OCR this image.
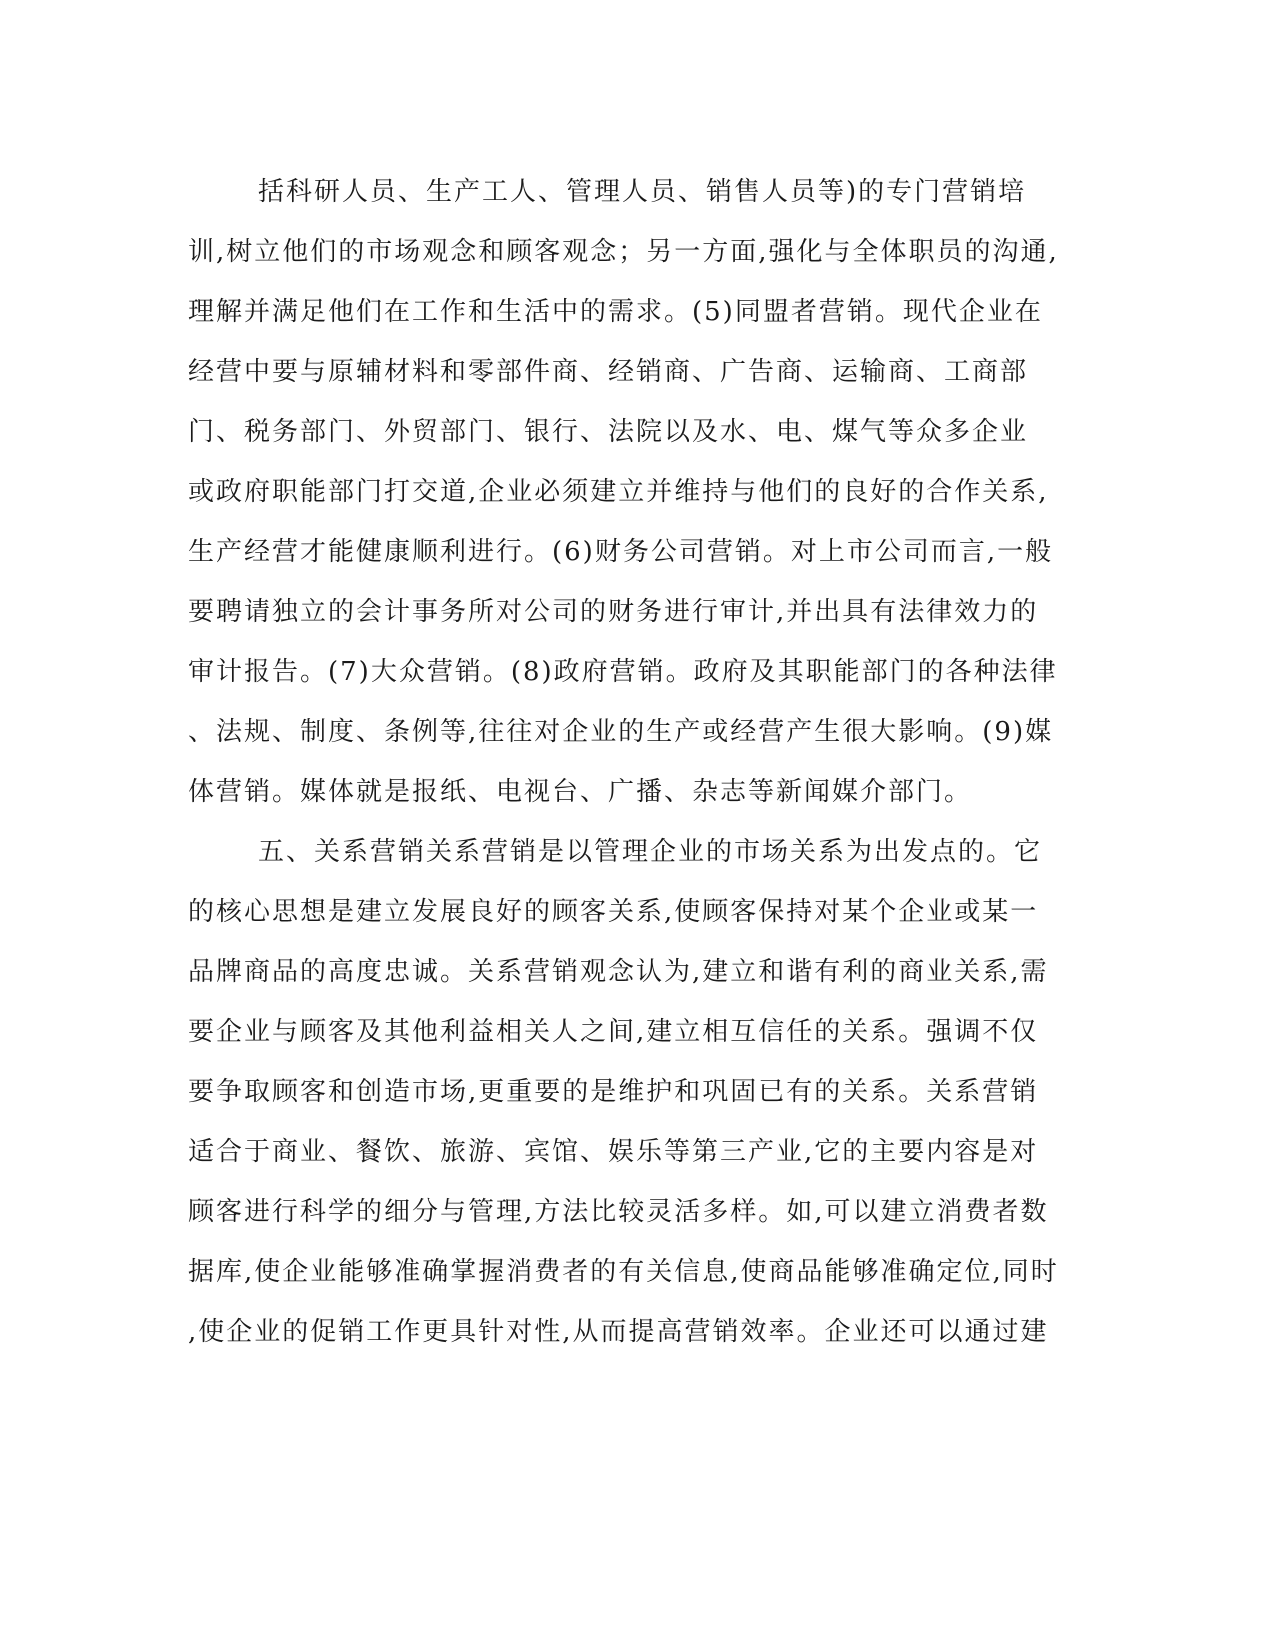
括科研人员、生产工人、管理人员、销售人员等)的专门营销培
训,树立他们的市场观念和顾客观念；另一方面,强化与全体职员的沟通,
理解并满足他们在工作和生活中的需求。(5)同盟者营销。现代企业在
经营中要与原辅材料和零部件商、经销商、广告商、运输商、工商部
门、税务部门、外贸部门、银行、法院以及水、电、煤气等众多企业
或政府职能部门打交道,企业必须建立并维持与他们的良好的合作关系,
生产经营才能健康顺利进行。(6)财务公司营销。对上市公司而言,一般
要聘请独立的会计事务所对公司的财务进行审计,并出具有法律效力的
审计报告。(7)大众营销。(8)政府营销。政府及其职能部门的各种法律
、法规、制度、条例等,往往对企业的生产或经营产生很大影响。(9)媒
体营销。媒体就是报纸、电视台、广播、杂志等新闻媒介部门。
五、关系营销关系营销是以管理企业的市场关系为出发点的。它
的核心思想是建立发展良好的顾客关系,使顾客保持对某个企业或某一
品牌商品的高度忠诚。关系营销观念认为,建立和谐有利的商业关系,需
要企业与顾客及其他利益相关人之间,建立相互信任的关系。强调不仅
要争取顾客和创造市场,更重要的是维护和巩固已有的关系。关系营销
适合于商业、餐饮、旅游、宾馆、娱乐等第三产业,它的主要内容是对
顾客进行科学的细分与管理,方法比较灵活多样。如,可以建立消费者数
据库,使企业能够准确掌握消费者的有关信息,使商品能够准确定位,同时
,使企业的促销工作更具针对性,从而提高营销效率。企业还可以通过建
